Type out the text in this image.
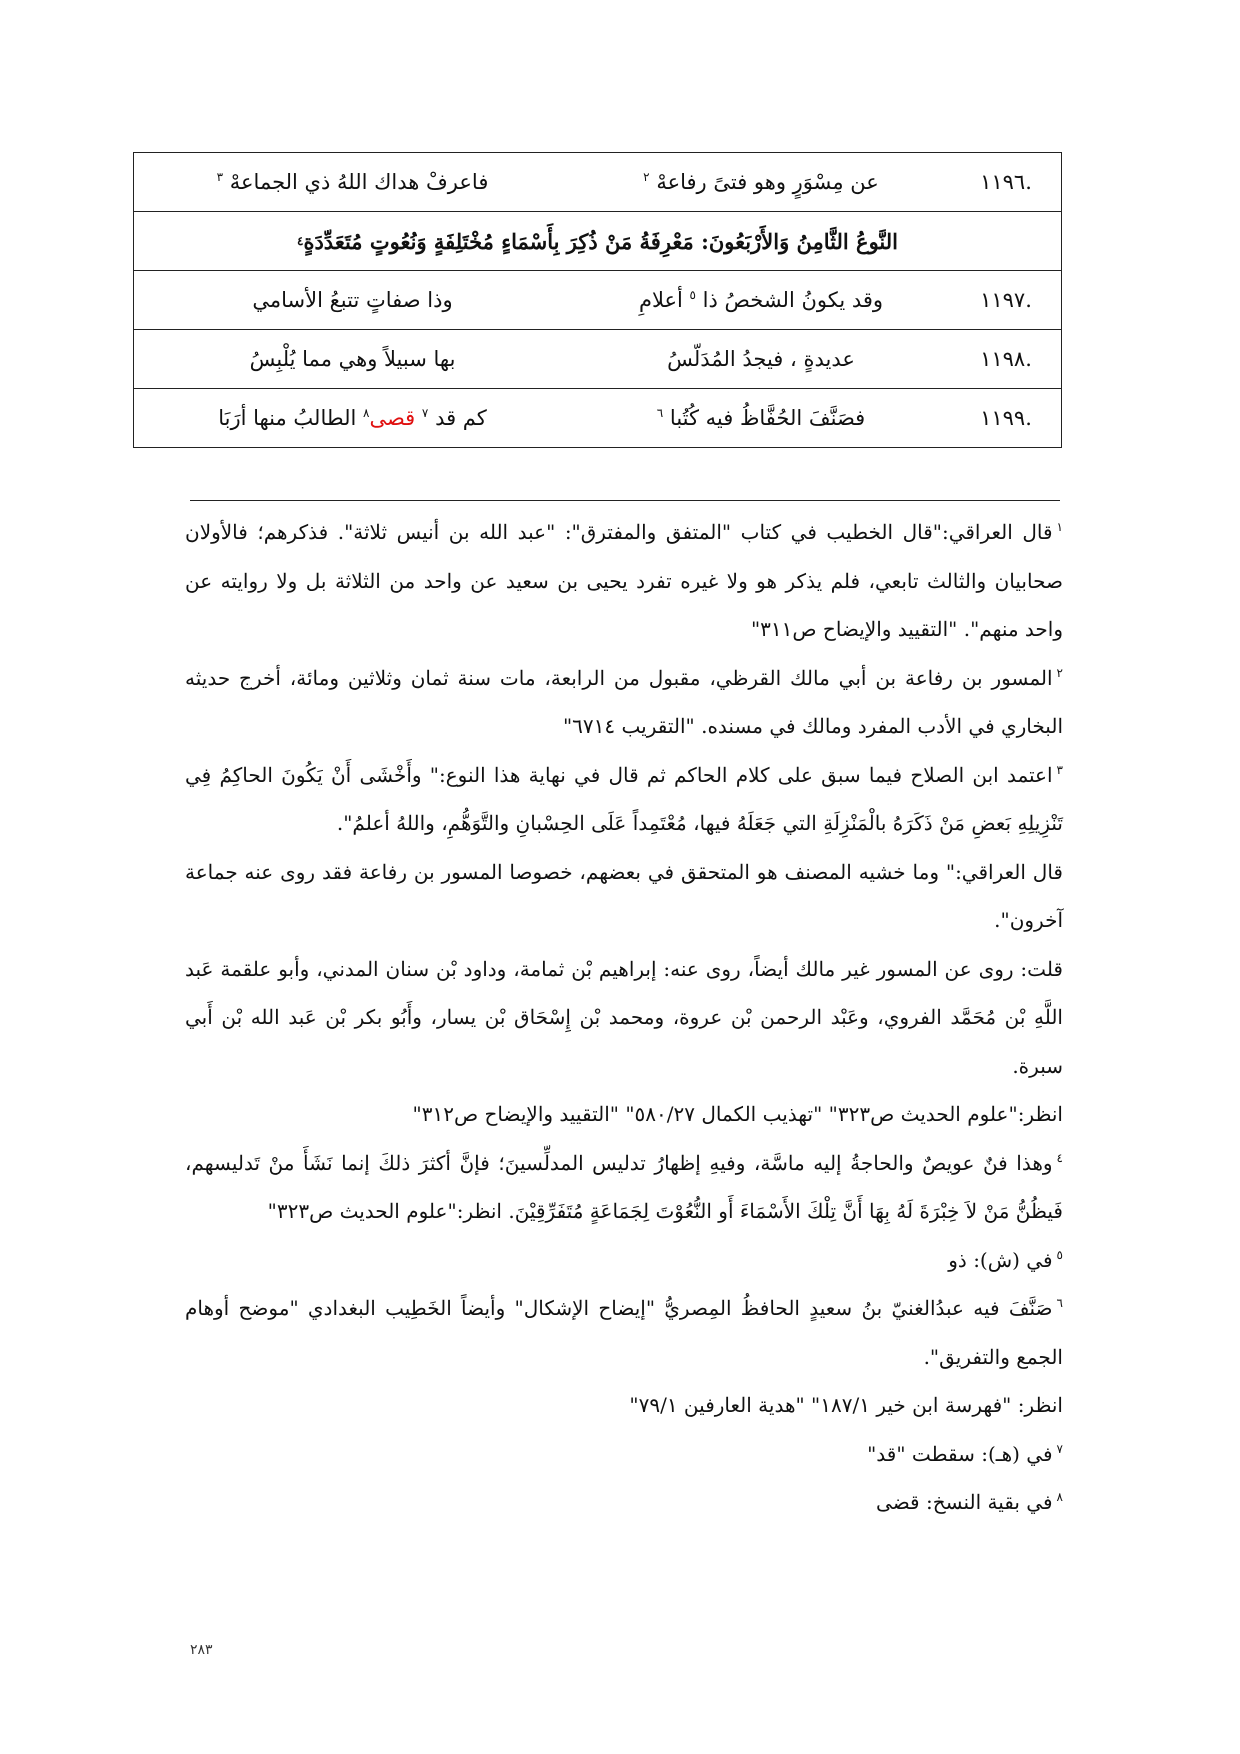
.١١٩٦
عن مِسْوَرٍ وهو فتىً رفاعهْ $^٢$
فاعرفْ هداك اللهُ ذي الجماعهْ $^٣$
النَّوعُ الثَّامِنُ وَالأَرْبَعُونَ: مَعْرِفَةُ مَنْ ذُكِرَ بِأَسْمَاءٍ مُخْتَلِفَةٍ وَنُعُوتٍ مُتَعَدِّدَةٍ
٤
.١١٩٧
وقد يكونُ الشخصُ ذا $^٥$ أعلامِ
وذا صفاتٍ تتبعُ الأسامي
.١١٩٨
عديدةٍ ، فيجدُ المُدَلّسُ
بها سبيلاً وهي مما يُلْبِسُ
.١١٩٩
فصَنَّفَ الحُفَّاظُ فيه كُتُبا $^٦$
كم قد $^٧$ قصى$^٨$ الطالبُ منها أرَبَا

$^١$قال العراقي:"قال الخطيب في كتاب "المتفق والمفترق": "عبد الله بن أنيس ثلاثة". فذكرهم؛ فالأولان صحابيان والثالث تابعي، فلم يذكر هو ولا غيره تفرد يحيى بن سعيد عن واحد من الثلاثة بل ولا روايته عن واحد منهم". "التقييد والإيضاح ص٣١١"

$^٢$المسور بن رفاعة بن أبي مالك القرظي، مقبول من الرابعة، مات سنة ثمان وثلاثين ومائة، أخرج حديثه البخاري في الأدب المفرد ومالك في مسنده. "التقريب ٦٧١٤"

$^٣$اعتمد ابن الصلاح فيما سبق على كلام الحاكم ثم قال في نهاية هذا النوع:" وأَخْشَى أَنْ يَكُونَ الحاكِمُ فِي تَنْزِيلِهِ بَعضِ مَنْ ذَكَرَهُ بالْمَنْزِلَةِ التي جَعَلَهُ فيها، مُعْتَمِداً عَلَى الحِسْبانِ والتَّوَهُّمِ، واللهُ أعلمُ".

قال العراقي:" وما خشيه المصنف هو المتحقق في بعضهم، خصوصا المسور بن رفاعة فقد روى عنه جماعة آخرون".

قلت: روى عن المسور غير مالك أيضاً، روى عنه: إبراهيم بْن ثمامة، وداود بْن سنان المدني، وأبو علقمة عَبد اللَّهِ بْن مُحَمَّد الفروي، وعَبْد الرحمن بْن عروة، ومحمد بْن إِسْحَاق بْن يسار، وأَبُو بكر بْن عَبد الله بْن أَبي سبرة.

انظر:"علوم الحديث ص٣٢٣" "تهذيب الكمال ٥٨٠/٢٧" "التقييد والإيضاح ص٣١٢"

$^٤$وهذا فنٌ عويصٌ والحاجةُ إليه ماسَّة، وفيهِ إظهارُ تدليس المدلِّسينَ؛ فإنَّ أكثرَ ذلكَ إنما نَشَأَ منْ تَدليسهم، فَيظُنُّ مَنْ لاَ خِبْرَةَ لَهُ بِهَا أَنَّ تِلْكَ الأَسْمَاءَ أَو النُّعُوْتَ لِجَمَاعَةٍ مُتَفَرِّقِيْنَ. انظر:"علوم الحديث ص٣٢٣"

$^٥$في (ش): ذو

$^٦$صَنَّفَ فيه عبدُالغنيّ بنُ سعيدٍ الحافظُ المِصريُّ "إيضاح الإشكال" وأيضاً الخَطِيب البغدادي "موضح أوهام الجمع والتفريق".

انظر: "فهرسة ابن خير ١٨٧/١" "هدية العارفين ٧٩/١"

$^٧$في (هـ): سقطت "قد"

$^٨$في بقية النسخ: قضى

٢٨٣
